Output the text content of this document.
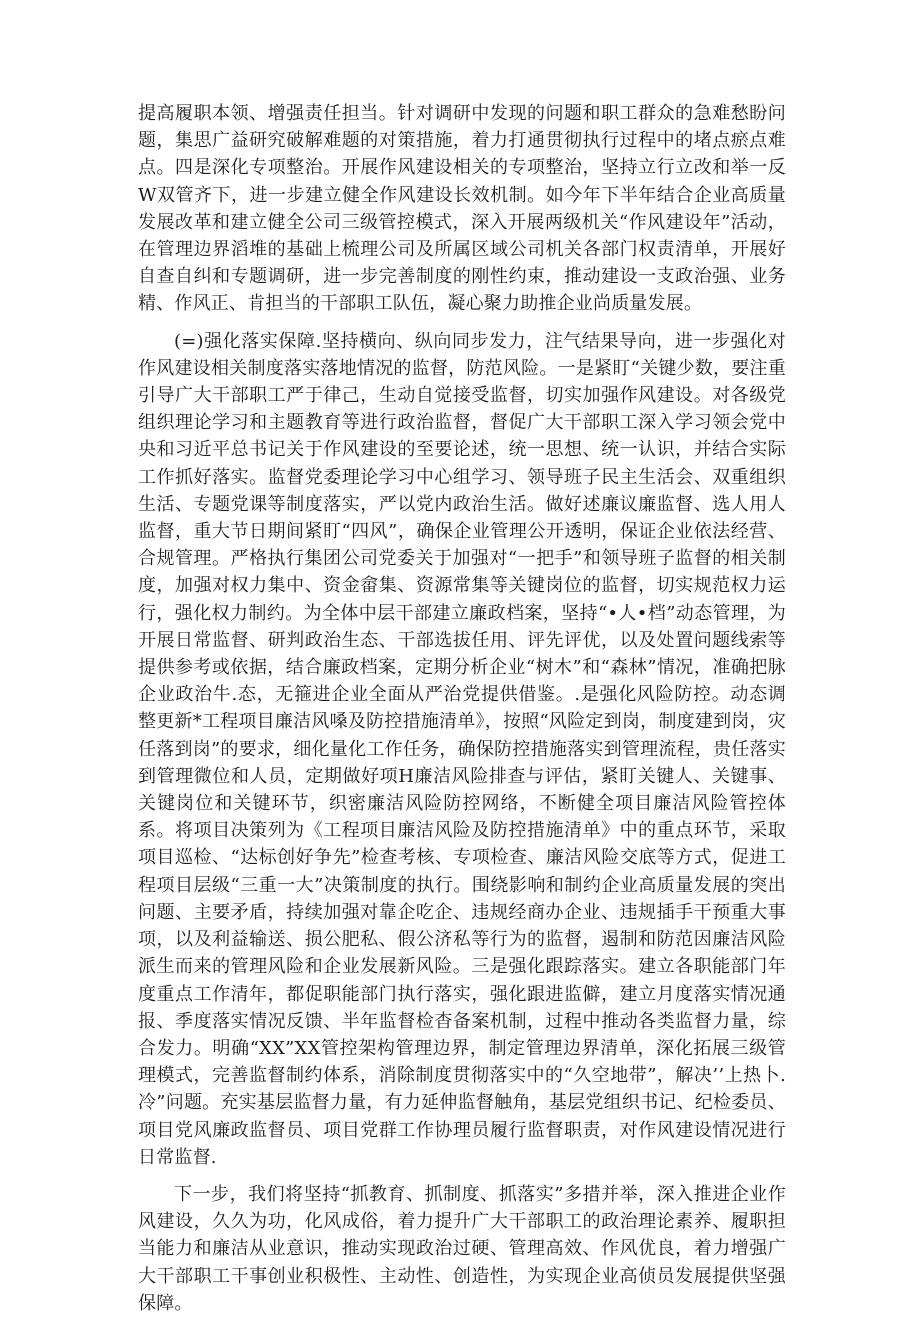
提高履职本领、增强责任担当。针对调研中发现的问题和职工群众的急难愁盼问题，集思广益研究破解难题的对策措施，着力打通贯彻执行过程中的堵点瘀点难点。四是深化专项整治。开展作风建设相关的专项整治，坚持立行立改和举一反W双管齐下，进一步建立健全作风建设长效机制。如今年下半年结合企业高质量发展改革和建立健全公司三级管控模式，深入开展两级机关“作风建设年”活动，在管理边界滔堆的基础上梳理公司及所属区域公司机关各部门权责清单，开展好自查自纠和专题调研，进一步完善制度的刚性约束，推动建设一支政治强、业务精、作风正、肯担当的干部职工队伍，凝心聚力助推企业尚质量发展。

(=)强化落实保障.坚持横向、纵向同步发力，注气结果导向，进一步强化对作风建设相关制度落实落地情况的监督，防范风险。一是紧盯“关键少数，要注重引导广大干部职工严于律己，生动自觉接受监督，切实加强作风建设。对各级党组织理论学习和主题教育等进行政治监督，督促广大干部职工深入学习领会党中央和习近平总书记关于作风建设的至要论述，统一思想、统一认识，并结合实际工作抓好落实。监督党委理论学习中心组学习、领导班子民主生活会、双重组织生活、专题党课等制度落实，严以党内政治生活。做好述廉议廉监督、选人用人监督，重大节日期间紧盯“四风”，确保企业管理公开透明，保证企业依法经营、合规管理。严格执行集团公司党委关于加强对“一把手”和领导班子监督的相关制度，加强对权力集中、资金畲集、资源常集等关键岗位的监督，切实规范权力运行，强化权力制约。为全体中层干部建立廉政档案，坚持“•人•档”动态管理，为开展日常监督、研判政治生态、干部选拔任用、评先评优，以及处置问题线索等提供参考或依据，结合廉政档案，定期分析企业“树木”和“森林”情况，准确把脉企业政治牛.态，无箍进企业全面从严治党提供借鉴。.是强化风险防控。动态调整更新*工程项目廉洁风嗓及防控措施清单》，按照“风险定到岗，制度建到岗，灾任落到岗”的要求，细化量化工作任务，确保防控措施落实到管理流程，贵任落实到管理微位和人员，定期做好项H廉洁风险排查与评估，紧盯关键人、关键事、关键岗位和关键环节，织密廉洁风险防控网络，不断健全项目廉洁风险管控体系。将项目决策列为《工程项目廉洁风险及防控措施清单》中的重点环节，采取项目巡检、“达标创好争先”检查考核、专项检查、廉洁风险交底等方式，促进工程项目层级“三重一大”决策制度的执行。围绕影响和制约企业高质量发展的突出问题、主要矛盾，持续加强对靠企吃企、违规经商办企业、违规插手干预重大事项，以及利益输送、损公肥私、假公济私等行为的监督，遏制和防范因廉洁风险派生而来的管理风险和企业发展新风险。三是强化跟踪落实。建立各职能部门年度重点工作清年，都促职能部门执行落实，强化跟进监僻，建立月度落实情况通报、季度落实情况反馈、半年监督检杳备案机制，过程中推动各类监督力量，综合发力。明确“XX”XX管控架构管理边界，制定管理边界清单，深化拓展三级管理模式，完善监督制约体系，消除制度贯彻落实中的“久空地带”，解决’’上热卜.冷”问题。充实基层监督力量，有力延伸监督触角，基层党组织书记、纪检委员、项目党风廉政监督员、项目党群工作协理员履行监督职责，对作风建设情况进行日常监督.

下一步，我们将坚持“抓教育、抓制度、抓落实”多措并举，深入推进企业作风建设，久久为功，化风成俗，着力提升广大干部职工的政治理论素养、履职担当能力和廉洁从业意识，推动实现政治过硬、管理高效、作风优良，着力增强广大干部职工干事创业积极性、主动性、创造性，为实现企业高侦员发展提供坚强保障。
